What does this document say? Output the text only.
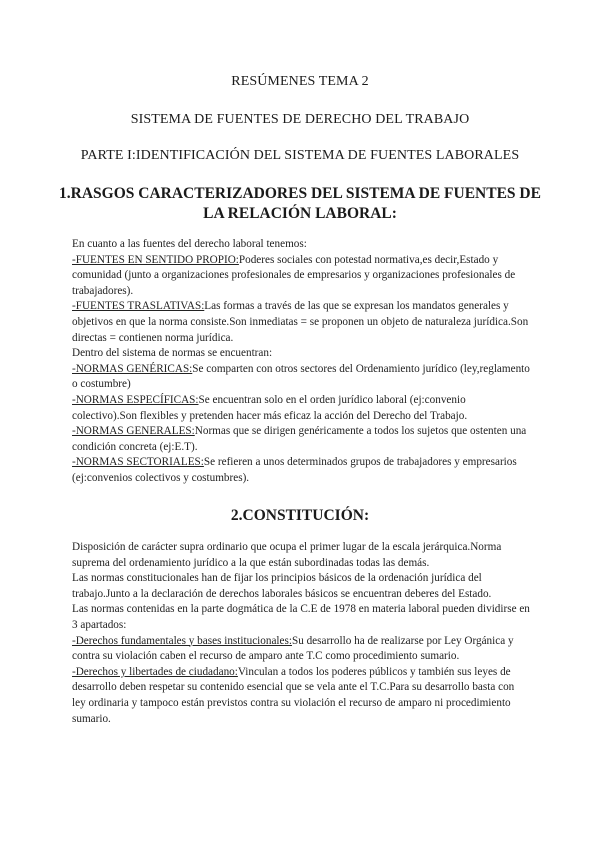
RESÚMENES TEMA 2
SISTEMA DE FUENTES DE DERECHO DEL TRABAJO
PARTE I:IDENTIFICACIÓN DEL SISTEMA DE FUENTES LABORALES
1.RASGOS CARACTERIZADORES DEL SISTEMA DE FUENTES DE
LA RELACIÓN LABORAL:

En cuanto a las fuentes del derecho laboral tenemos:

-FUENTES EN SENTIDO PROPIO:Poderes sociales con potestad normativa,es decir,Estado y comunidad (junto a organizaciones profesionales de empresarios y organizaciones profesionales de trabajadores).

-FUENTES TRASLATIVAS:Las formas a través de las que se expresan los mandatos generales y objetivos en que la norma consiste.Son inmediatas = se proponen un objeto de naturaleza jurídica.Son directas = contienen norma jurídica.

Dentro del sistema de normas se encuentran:

-NORMAS GENÉRICAS:Se comparten con otros sectores del Ordenamiento jurídico (ley,reglamento o costumbre)

-NORMAS ESPECÍFICAS:Se encuentran solo en el orden jurídico laboral (ej:convenio colectivo).Son flexibles y pretenden hacer más eficaz la acción del Derecho del Trabajo.

-NORMAS GENERALES:Normas que se dirigen genéricamente a todos los sujetos que ostenten una condición concreta (ej:E.T).

-NORMAS SECTORIALES:Se refieren a unos determinados grupos de trabajadores y empresarios (ej:convenios colectivos y costumbres).

2.CONSTITUCIÓN:

Disposición de carácter supra ordinario que ocupa el primer lugar de la escala jerárquica.Norma suprema del ordenamiento jurídico a la que están subordinadas todas las demás.

Las normas constitucionales han de fijar los principios básicos de la ordenación jurídica del trabajo.Junto a la declaración de derechos laborales básicos se encuentran deberes del Estado.

Las normas contenidas en la parte dogmática de la C.E de 1978 en materia laboral pueden dividirse en 3 apartados:

-Derechos fundamentales y bases institucionales:Su desarrollo ha de realizarse por Ley Orgánica y contra su violación caben el recurso de amparo ante T.C como procedimiento sumario.

-Derechos y libertades de ciudadano:Vinculan a todos los poderes públicos y también sus leyes de desarrollo deben respetar su contenido esencial que se vela ante el T.C.Para su desarrollo basta con ley ordinaria y tampoco están previstos contra su violación el recurso de amparo ni procedimiento sumario.
